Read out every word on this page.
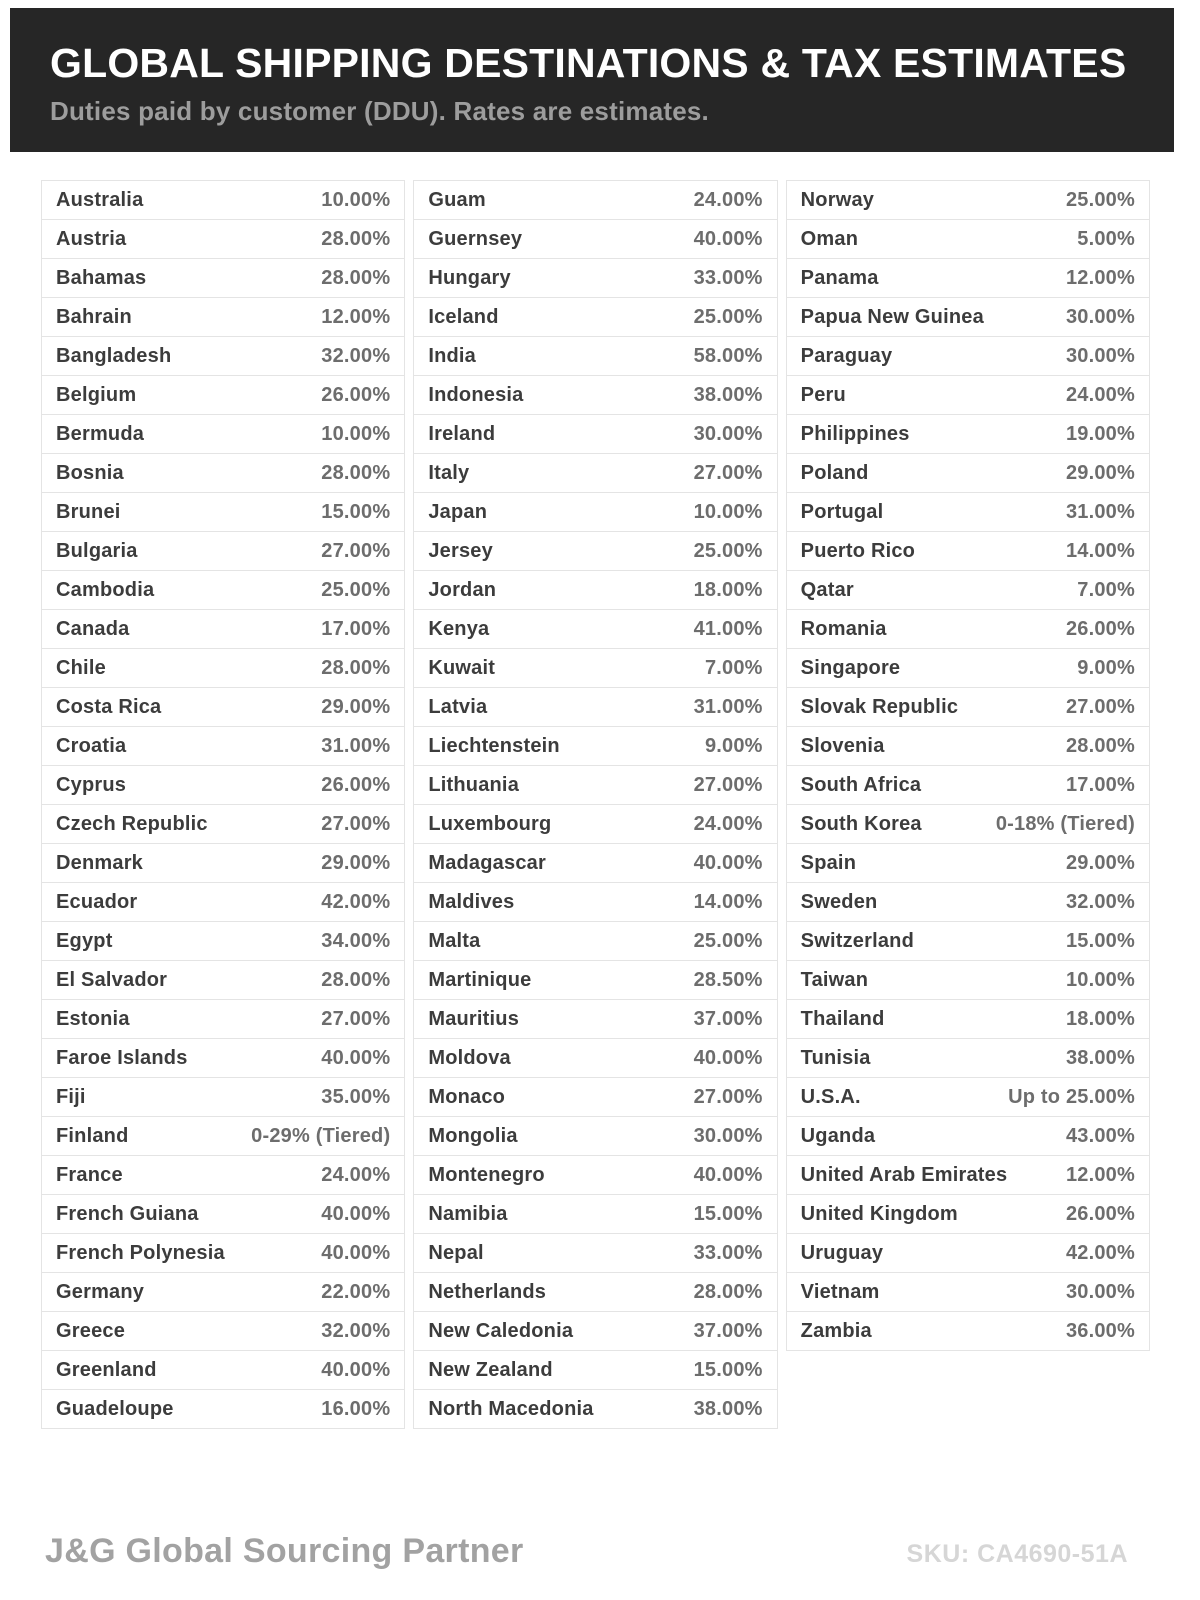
GLOBAL SHIPPING DESTINATIONS & TAX ESTIMATES

Duties paid by customer (DDU). Rates are estimates.

Australia	10.00%
Austria	28.00%
Bahamas	28.00%
Bahrain	12.00%
Bangladesh	32.00%
Belgium	26.00%
Bermuda	10.00%
Bosnia	28.00%
Brunei	15.00%
Bulgaria	27.00%
Cambodia	25.00%
Canada	17.00%
Chile	28.00%
Costa Rica	29.00%
Croatia	31.00%
Cyprus	26.00%
Czech Republic	27.00%
Denmark	29.00%
Ecuador	42.00%
Egypt	34.00%
El Salvador	28.00%
Estonia	27.00%
Faroe Islands	40.00%
Fiji	35.00%
Finland	0-29% (Tiered)
France	24.00%
French Guiana	40.00%
French Polynesia	40.00%
Germany	22.00%
Greece	32.00%
Greenland	40.00%
Guadeloupe	16.00%
Guam	24.00%
Guernsey	40.00%
Hungary	33.00%
Iceland	25.00%
India	58.00%
Indonesia	38.00%
Ireland	30.00%
Italy	27.00%
Japan	10.00%
Jersey	25.00%
Jordan	18.00%
Kenya	41.00%
Kuwait	7.00%
Latvia	31.00%
Liechtenstein	9.00%
Lithuania	27.00%
Luxembourg	24.00%
Madagascar	40.00%
Maldives	14.00%
Malta	25.00%
Martinique	28.50%
Mauritius	37.00%
Moldova	40.00%
Monaco	27.00%
Mongolia	30.00%
Montenegro	40.00%
Namibia	15.00%
Nepal	33.00%
Netherlands	28.00%
New Caledonia	37.00%
New Zealand	15.00%
North Macedonia	38.00%
Norway	25.00%
Oman	5.00%
Panama	12.00%
Papua New Guinea	30.00%
Paraguay	30.00%
Peru	24.00%
Philippines	19.00%
Poland	29.00%
Portugal	31.00%
Puerto Rico	14.00%
Qatar	7.00%
Romania	26.00%
Singapore	9.00%
Slovak Republic	27.00%
Slovenia	28.00%
South Africa	17.00%
South Korea	0-18% (Tiered)
Spain	29.00%
Sweden	32.00%
Switzerland	15.00%
Taiwan	10.00%
Thailand	18.00%
Tunisia	38.00%
U.S.A.	Up to 25.00%
Uganda	43.00%
United Arab Emirates	12.00%
United Kingdom	26.00%
Uruguay	42.00%
Vietnam	30.00%
Zambia	36.00%
J&G Global Sourcing Partner	SKU: CA4690-51A
